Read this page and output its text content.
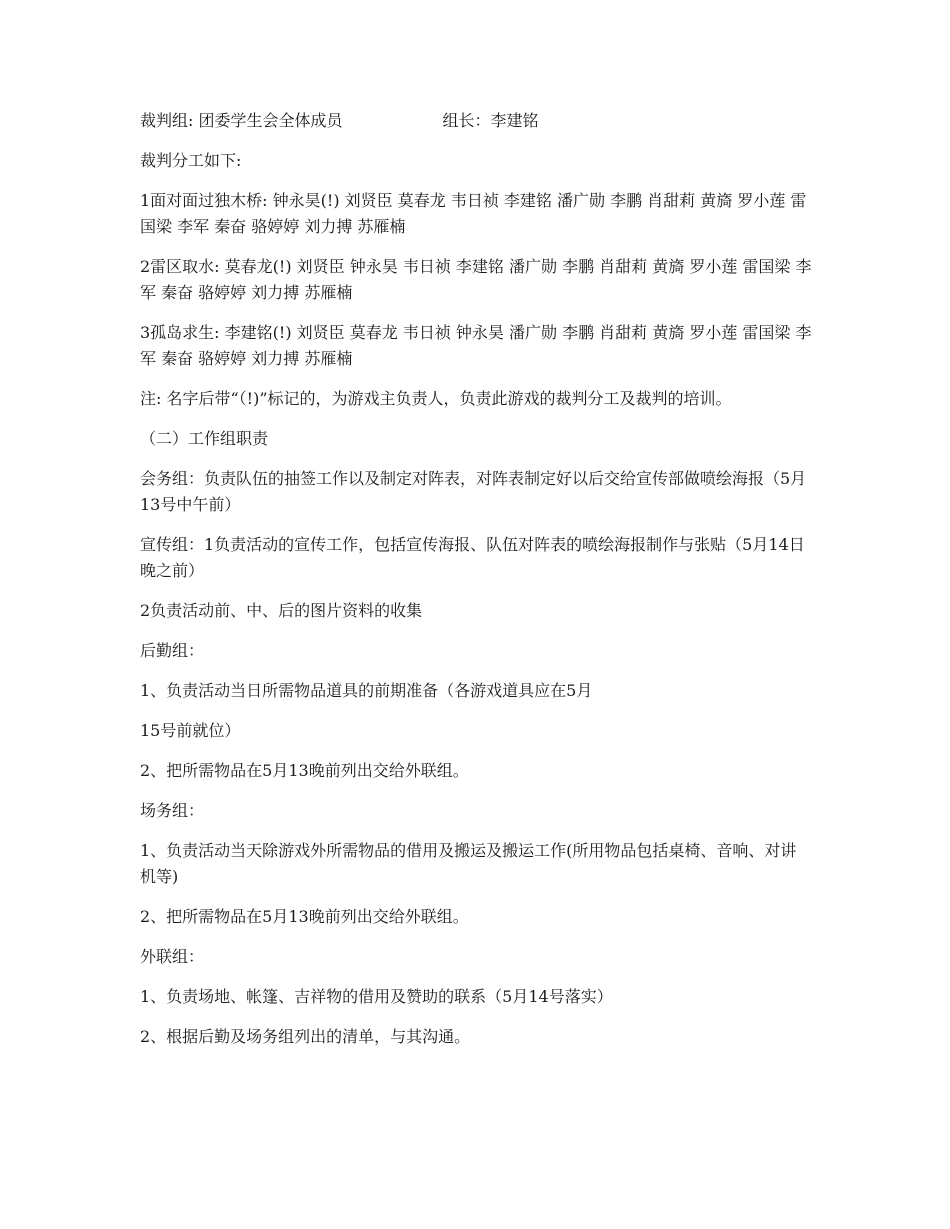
裁判组: 团委学生会全体成员	组长：李建铭

裁判分工如下:

1面对面过独木桥: 钟永昊(!) 刘贤臣 莫春龙 韦日祯 李建铭 潘广勋 李鹏 肖甜莉 黄旖 罗小莲 雷国梁 李军 秦奋 骆婷婷 刘力搏 苏雁楠

2雷区取水: 莫春龙(!) 刘贤臣 钟永昊 韦日祯 李建铭 潘广勋 李鹏 肖甜莉 黄旖 罗小莲 雷国梁 李军 秦奋 骆婷婷 刘力搏 苏雁楠

3孤岛求生: 李建铭(!) 刘贤臣 莫春龙 韦日祯 钟永昊 潘广勋 李鹏 肖甜莉 黄旖 罗小莲 雷国梁 李军 秦奋 骆婷婷 刘力搏 苏雁楠

注: 名字后带“（!)”标记的，为游戏主负责人，负责此游戏的裁判分工及裁判的培训。

（二）工作组职责

会务组：负责队伍的抽签工作以及制定对阵表，对阵表制定好以后交给宣传部做喷绘海报（5月13号中午前）

宣传组：1负责活动的宣传工作，包括宣传海报、队伍对阵表的喷绘海报制作与张贴（5月14日晚之前）

2负责活动前、中、后的图片资料的收集

后勤组：

1、负责活动当日所需物品道具的前期准备（各游戏道具应在5月

15号前就位）

2、把所需物品在5月13晚前列出交给外联组。

场务组：

1、负责活动当天除游戏外所需物品的借用及搬运及搬运工作(所用物品包括桌椅、音响、对讲机等)

2、把所需物品在5月13晚前列出交给外联组。

外联组：

1、负责场地、帐篷、吉祥物的借用及赞助的联系（5月14号落实）

2、根据后勤及场务组列出的清单，与其沟通。
